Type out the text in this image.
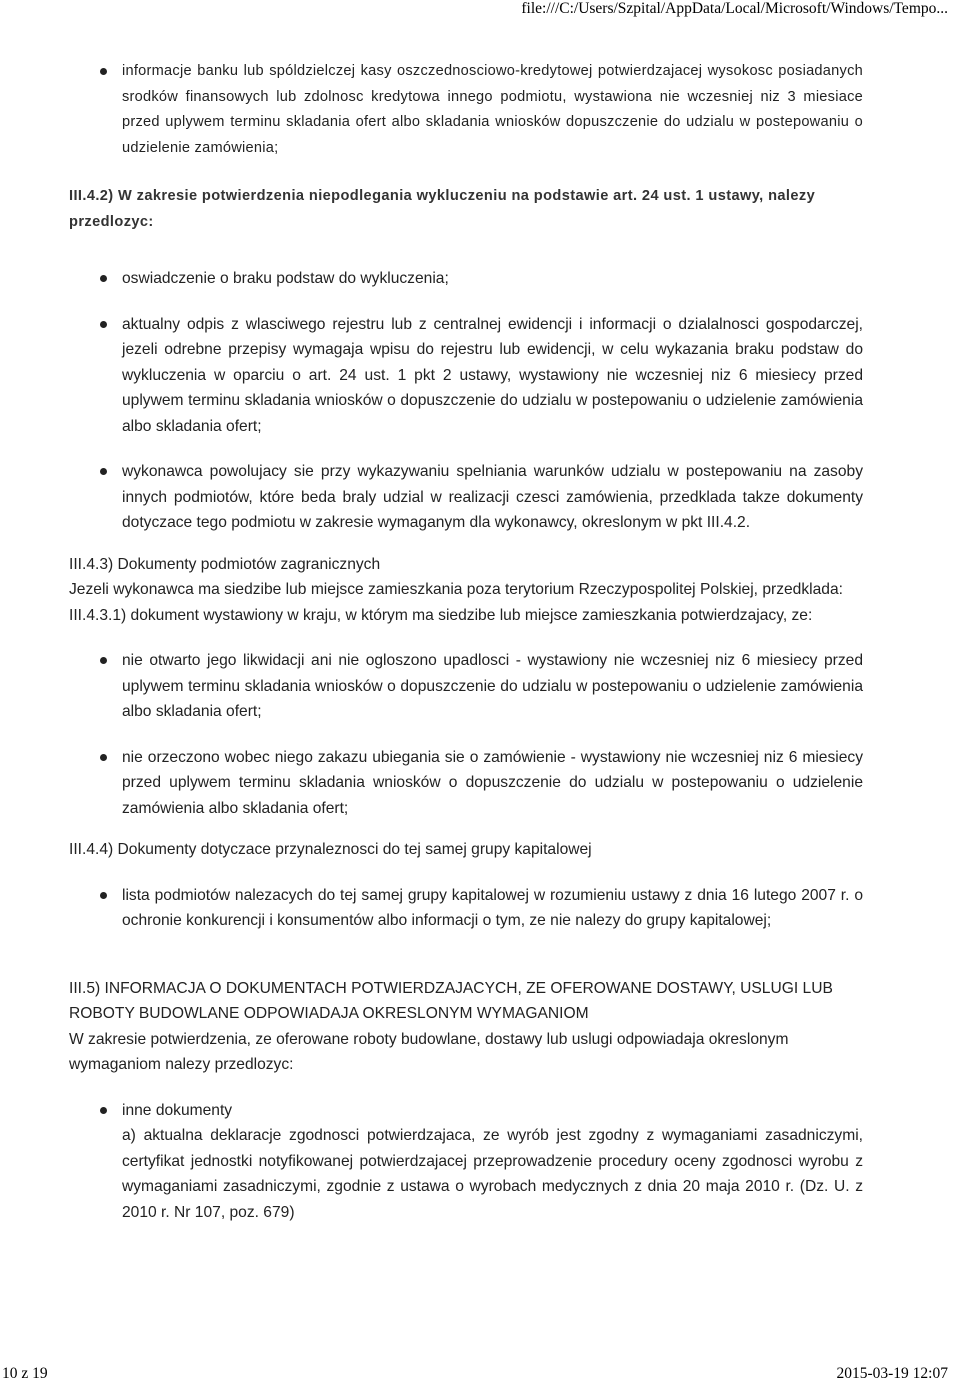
file:///C:/Users/Szpital/AppData/Local/Microsoft/Windows/Tempo...
informacje banku lub spóldzielczej kasy oszczednosciowo-kredytowej potwierdzajacej wysokosc posiadanych srodków finansowych lub zdolnosc kredytowa innego podmiotu, wystawiona nie wczesniej niz 3 miesiace przed uplywem terminu skladania ofert albo skladania wniosków dopuszczenie do udzialu w postepowaniu o udzielenie zamówienia;

III.4.2) W zakresie potwierdzenia niepodlegania wykluczeniu na podstawie art. 24 ust. 1 ustawy, nalezy przedlozyc:

oswiadczenie o braku podstaw do wykluczenia;
aktualny odpis z wlasciwego rejestru lub z centralnej ewidencji i informacji o dzialalnosci gospodarczej, jezeli odrebne przepisy wymagaja wpisu do rejestru lub ewidencji, w celu wykazania braku podstaw do wykluczenia w oparciu o art. 24 ust. 1 pkt 2 ustawy, wystawiony nie wczesniej niz 6 miesiecy przed uplywem terminu skladania wniosków o dopuszczenie do udzialu w postepowaniu o udzielenie zamówienia albo skladania ofert;
wykonawca powolujacy sie przy wykazywaniu spelniania warunków udzialu w postepowaniu na zasoby innych podmiotów, które beda braly udzial w realizacji czesci zamówienia, przedklada takze dokumenty dotyczace tego podmiotu w zakresie wymaganym dla wykonawcy, okreslonym w pkt III.4.2.

III.4.3) Dokumenty podmiotów zagranicznych

Jezeli wykonawca ma siedzibe lub miejsce zamieszkania poza terytorium Rzeczypospolitej Polskiej, przedklada:

III.4.3.1) dokument wystawiony w kraju, w którym ma siedzibe lub miejsce zamieszkania potwierdzajacy, ze:

nie otwarto jego likwidacji ani nie ogloszono upadlosci - wystawiony nie wczesniej niz 6 miesiecy przed uplywem terminu skladania wniosków o dopuszczenie do udzialu w postepowaniu o udzielenie zamówienia albo skladania ofert;
nie orzeczono wobec niego zakazu ubiegania sie o zamówienie - wystawiony nie wczesniej niz 6 miesiecy przed uplywem terminu skladania wniosków o dopuszczenie do udzialu w postepowaniu o udzielenie zamówienia albo skladania ofert;

III.4.4) Dokumenty dotyczace przynaleznosci do tej samej grupy kapitalowej

lista podmiotów nalezacych do tej samej grupy kapitalowej w rozumieniu ustawy z dnia 16 lutego 2007 r. o ochronie konkurencji i konsumentów albo informacji o tym, ze nie nalezy do grupy kapitalowej;

III.5) INFORMACJA O DOKUMENTACH POTWIERDZAJACYCH, ZE OFEROWANE DOSTAWY, USLUGI LUB ROBOTY BUDOWLANE ODPOWIADAJA OKRESLONYM WYMAGANIOM

W zakresie potwierdzenia, ze oferowane roboty budowlane, dostawy lub uslugi odpowiadaja okreslonym wymaganiom nalezy przedlozyc:

inne dokumenty
a) aktualna deklaracje zgodnosci potwierdzajaca, ze wyrób jest zgodny z wymaganiami zasadniczymi, certyfikat jednostki notyfikowanej potwierdzajacej przeprowadzenie procedury oceny zgodnosci wyrobu z wymaganiami zasadniczymi, zgodnie z ustawa o wyrobach medycznych z dnia 20 maja 2010 r. (Dz. U. z 2010 r. Nr 107, poz. 679)
10 z 19	2015-03-19 12:07
